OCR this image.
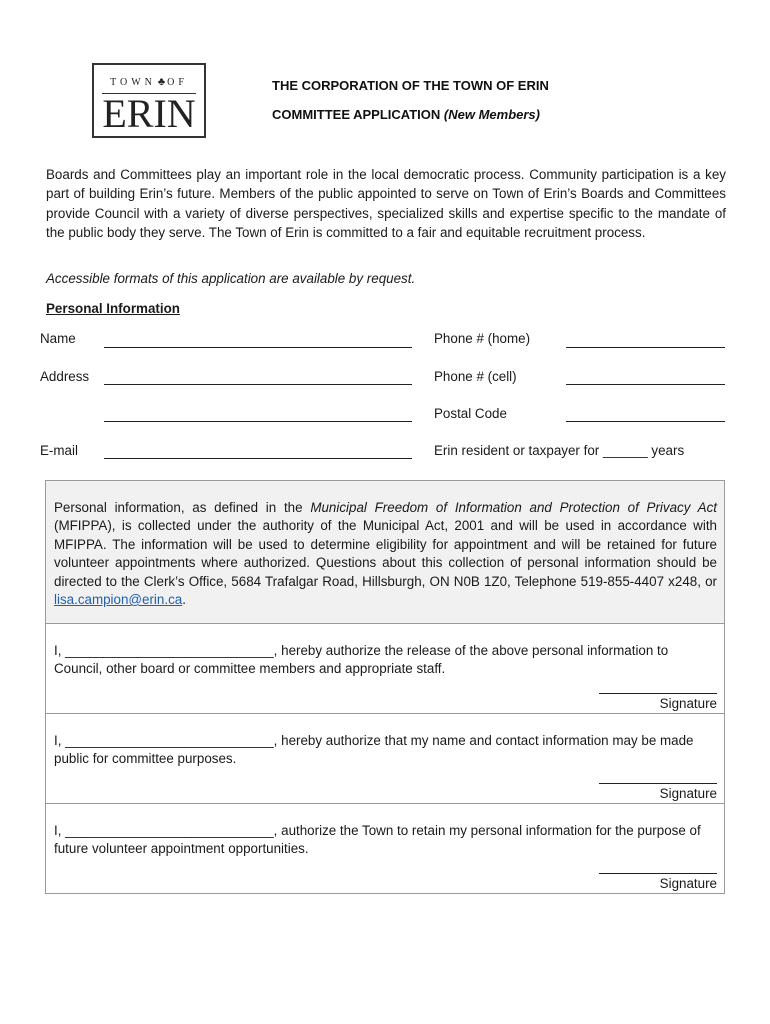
TOWN ♣ OF
ERIN
THE CORPORATION OF THE TOWN OF ERIN
COMMITTEE APPLICATION (New Members)

Boards and Committees play an important role in the local democratic process. Community participation is a key part of building Erin’s future. Members of the public appointed to serve on Town of Erin’s Boards and Committees provide Council with a variety of diverse perspectives, specialized skills and expertise specific to the mandate of the public body they serve. The Town of Erin is committed to a fair and equitable recruitment process.

Accessible formats of this application are available by request.
Personal Information
Name
Address
E-mail
Phone # (home)
Phone # (cell)
Postal Code
Erin resident or taxpayer for ______ years

Personal information, as defined in the Municipal Freedom of Information and Protection of Privacy Act (MFIPPA), is collected under the authority of the Municipal Act, 2001 and will be used in accordance with MFIPPA. The information will be used to determine eligibility for appointment and will be retained for future volunteer appointments where authorized. Questions about this collection of personal information should be directed to the Clerk’s Office, 5684 Trafalgar Road, Hillsburgh, ON N0B 1Z0, Telephone 519-855-4407 x248, or lisa.campion@erin.ca.

I, ____________________________, hereby authorize the release of the above personal information to Council, other board or committee members and appropriate staff.
Signature
I, ____________________________, hereby authorize that my name and contact information may be made public for committee purposes.
Signature
I, ____________________________, authorize the Town to retain my personal information for the purpose of future volunteer appointment opportunities.
Signature
